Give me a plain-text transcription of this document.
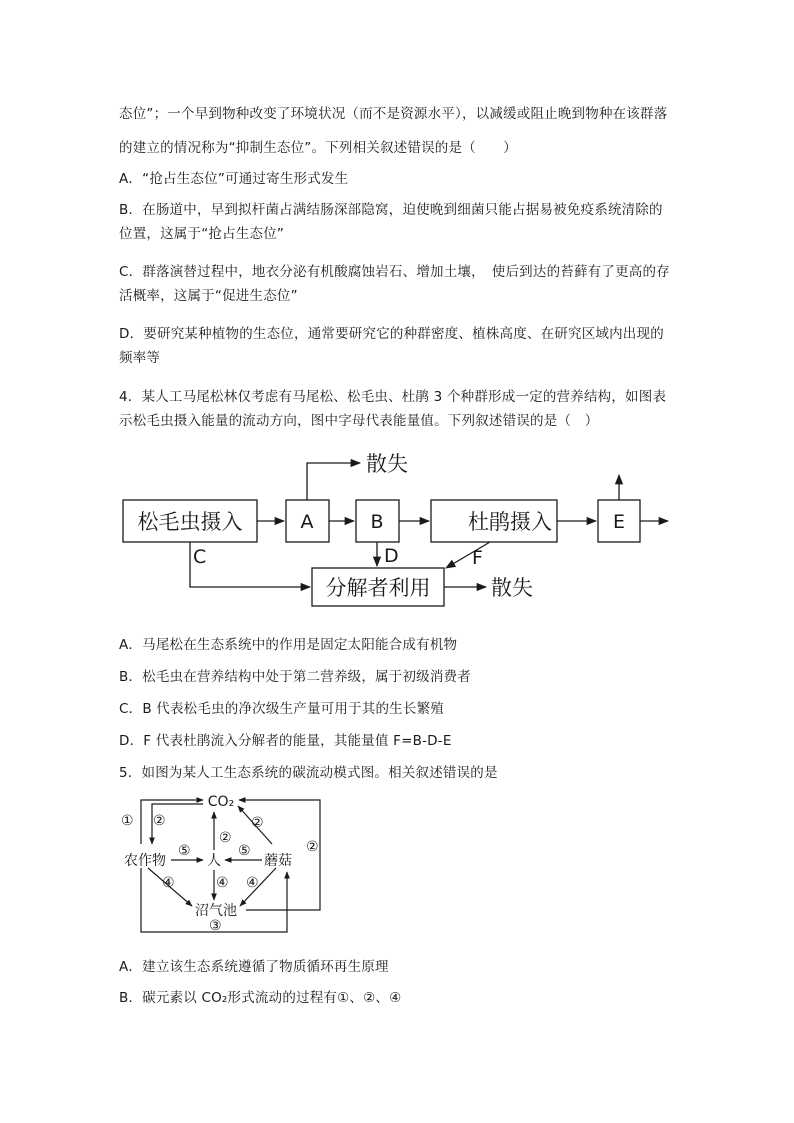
态位”；一个早到物种改变了环境状况（而不是资源水平），以减缓或阻止晚到物种在该群落
的建立的情况称为“抑制生态位”。下列相关叙述错误的是（　　）
A．“抢占生态位”可通过寄生形式发生
B．在肠道中，早到拟杆菌占满结肠深部隐窝，迫使晚到细菌只能占据易被免疫系统清除的
位置，这属于“抢占生态位”
C．群落演替过程中，地衣分泌有机酸腐蚀岩石、增加土壤，　使后到达的苔藓有了更高的存
活概率，这属于“促进生态位”
D．要研究某种植物的生态位，通常要研究它的种群密度、植株高度、在研究区域内出现的
频率等
4．某人工马尾松林仅考虑有马尾松、松毛虫、杜鹃 3 个种群形成一定的营养结构，如图表
示松毛虫摄入能量的流动方向，图中字母代表能量值。下列叙述错误的是（　）
散失
松毛虫摄入	A	B	杜鹃摄入	E
分解者利用	散失
C	D	F
A．马尾松在生态系统中的作用是固定太阳能合成有机物
B．松毛虫在营养结构中处于第二营养级，属于初级消费者
C．B 代表松毛虫的净次级生产量可用于其的生长繁殖
D．F 代表杜鹃流入分解者的能量，其能量值 F=B-D-E
5．如图为某人工生态系统的碳流动模式图。相关叙述错误的是
CO₂
农作物	人	蘑菇
沼气池
① ②
②
②
②
⑤	⑤
④	④ ④
③
A．建立该生态系统遵循了物质循环再生原理
B．碳元素以 CO₂形式流动的过程有①、②、④
